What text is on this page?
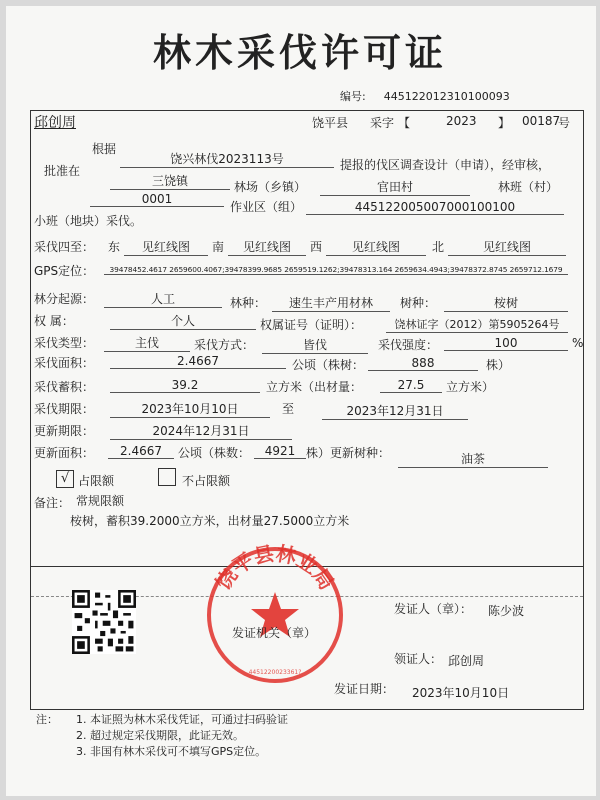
林木采伐许可证
编号: 445122012310100093
邱创周	饶平县 采字 【	2023 】 00187
号
根据
饶兴林伐2023113号	提报的伐区调查设计（申请），经审核，
批准在
三饶镇	林场（乡镇）	官田村	林班（村）
0001
作业区（组）	445122005007000100100
小班（地块）采伐。
采伐四至： 东	见红线图	南	见红线图	西	见红线图	北	见红线图
GPS定位：	39478452.4617 2659600.4067;39478399.9685 2659519.1262;39478313.164 2659634.4943;39478372.8745 2659712.1679
林分起源：	人工	林种：	速生丰产用材林	树种：	桉树
权 属：	个人	权属证号（证明）：	饶林证字（2012）第5905264号
采伐类型：	主伐	采伐方式：	皆伐	采伐强度：	100	%
采伐面积：	2.4667	公顷（株树：	888	株）
采伐蓄积：	39.2	立方米（出材量：	27.5	立方米）
采伐期限：	2023年10月10日	至	2023年12月31日
更新期限：	2024年12月31日
更新面积：	2.4667	公顷（株数：	4921 株）更新树种：	油茶
√ 占限额	不占限额
备注： 常规限额
桉树，蓄积39.2000立方米，出材量27.5000立方米
饶平县林业局
4451220023361?
发证人（章）： 陈少波
发证机关（章）
领证人： 邱创周
发证日期： 2023年10月10日
注： 1. 本证照为林木采伐凭证，可通过扫码验证
2. 超过规定采伐期限，此证无效。
3. 非国有林木采伐可不填写GPS定位。
